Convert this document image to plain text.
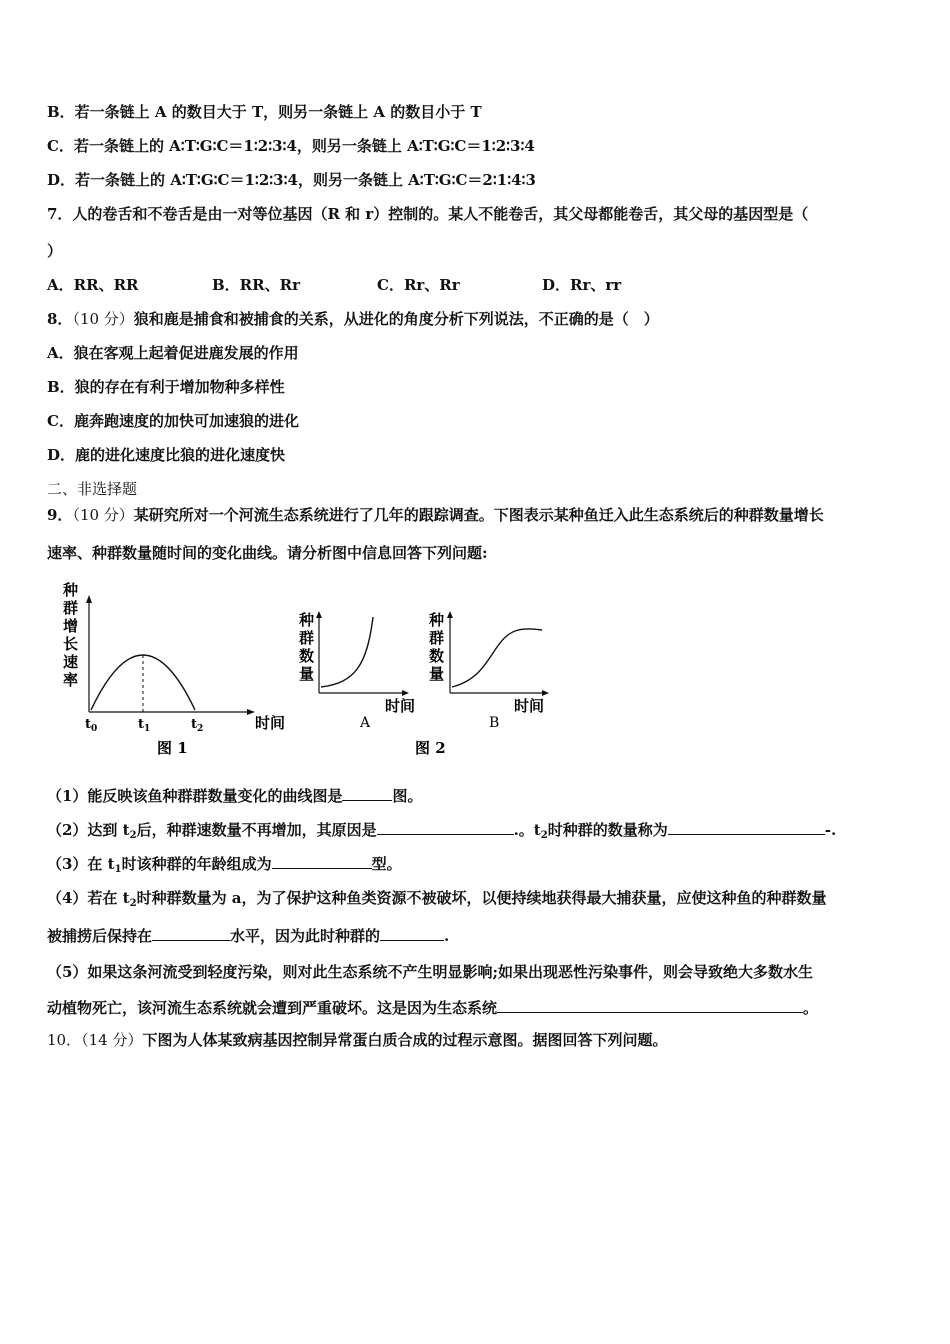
B．若一条链上 A 的数目大于 T，则另一条链上 A 的数目小于 T
C．若一条链上的 A∶T∶G∶C＝1∶2∶3∶4，则另一条链上 A∶T∶G∶C＝1∶2∶3∶4
D．若一条链上的 A∶T∶G∶C＝1∶2∶3∶4，则另一条链上 A∶T∶G∶C＝2∶1∶4∶3
7．人的卷舌和不卷舌是由一对等位基因（R 和 r）控制的。某人不能卷舌，其父母都能卷舌，其父母的基因型是（
）
A．RR、RR	B．RR、Rr	C．Rr、Rr	D．Rr、rr
8．（10 分）狼和鹿是捕食和被捕食的关系，从进化的角度分析下列说法，不正确的是（　）
A．狼在客观上起着促进鹿发展的作用
B．狼的存在有利于增加物种多样性
C．鹿奔跑速度的加快可加速狼的进化
D．鹿的进化速度比狼的进化速度快
二、非选择题
9．（10 分）某研究所对一个河流生态系统进行了几年的跟踪调查。下图表示某种鱼迁入此生态系统后的种群数量增长
速率、种群数量随时间的变化曲线。请分析图中信息回答下列问题:
种
群
增
长
速
率
$t_0$	$t_1$	$t_2$	时间
图 1
种
群
数
量
时间
A
种
群
数
量
时间
B
图 2
（1）能反映该鱼种群群数量变化的曲线图是	图。
（2）达到 $t_2$后，种群速数量不再增加，其原因是	.。$t_2$时种群的数量称为	-.
（3）在 $t_1$时该种群的年龄组成为	型。
（4）若在 $t_2$时种群数量为 a，为了保护这种鱼类资源不被破坏，以便持续地获得最大捕获量，应使这种鱼的种群数量
被捕捞后保持在	水平，因为此时种群的	.
（5）如果这条河流受到轻度污染，则对此生态系统不产生明显影响;如果出现恶性污染事件，则会导致绝大多数水生
动植物死亡，该河流生态系统就会遭到严重破坏。这是因为生态系统	。
10．（14 分）下图为人体某致病基因控制异常蛋白质合成的过程示意图。据图回答下列问题。
